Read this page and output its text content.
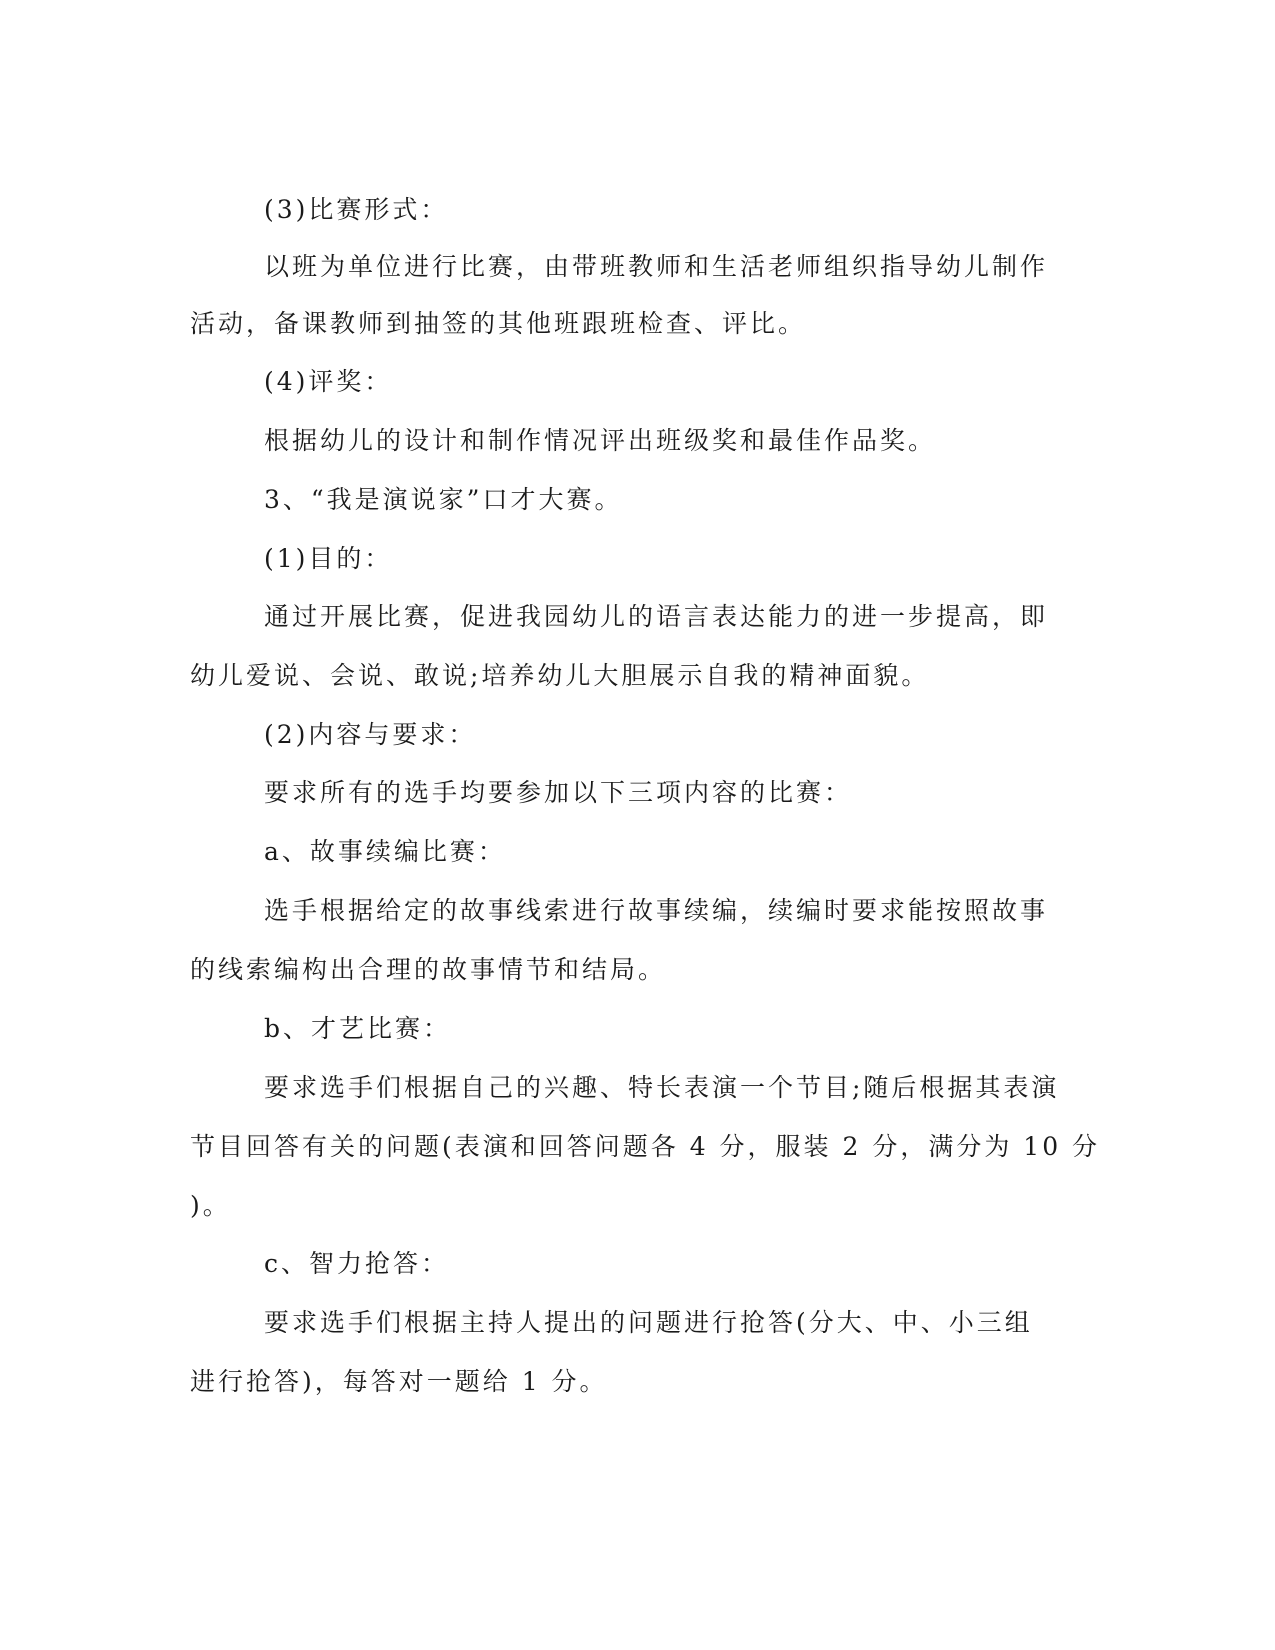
(3)比赛形式：

以班为单位进行比赛，由带班教师和生活老师组织指导幼儿制作

活动，备课教师到抽签的其他班跟班检查、评比。

(4)评奖：

根据幼儿的设计和制作情况评出班级奖和最佳作品奖。

3、“我是演说家”口才大赛。

(1)目的：

通过开展比赛，促进我园幼儿的语言表达能力的进一步提高，即

幼儿爱说、会说、敢说;培养幼儿大胆展示自我的精神面貌。

(2)内容与要求：

要求所有的选手均要参加以下三项内容的比赛：

a、故事续编比赛：

选手根据给定的故事线索进行故事续编，续编时要求能按照故事

的线索编构出合理的故事情节和结局。

b、才艺比赛：

要求选手们根据自己的兴趣、特长表演一个节目;随后根据其表演

节目回答有关的问题(表演和回答问题各 4 分，服装 2 分，满分为 10 分

)。

c、智力抢答：

要求选手们根据主持人提出的问题进行抢答(分大、中、小三组

进行抢答)，每答对一题给 1 分。
